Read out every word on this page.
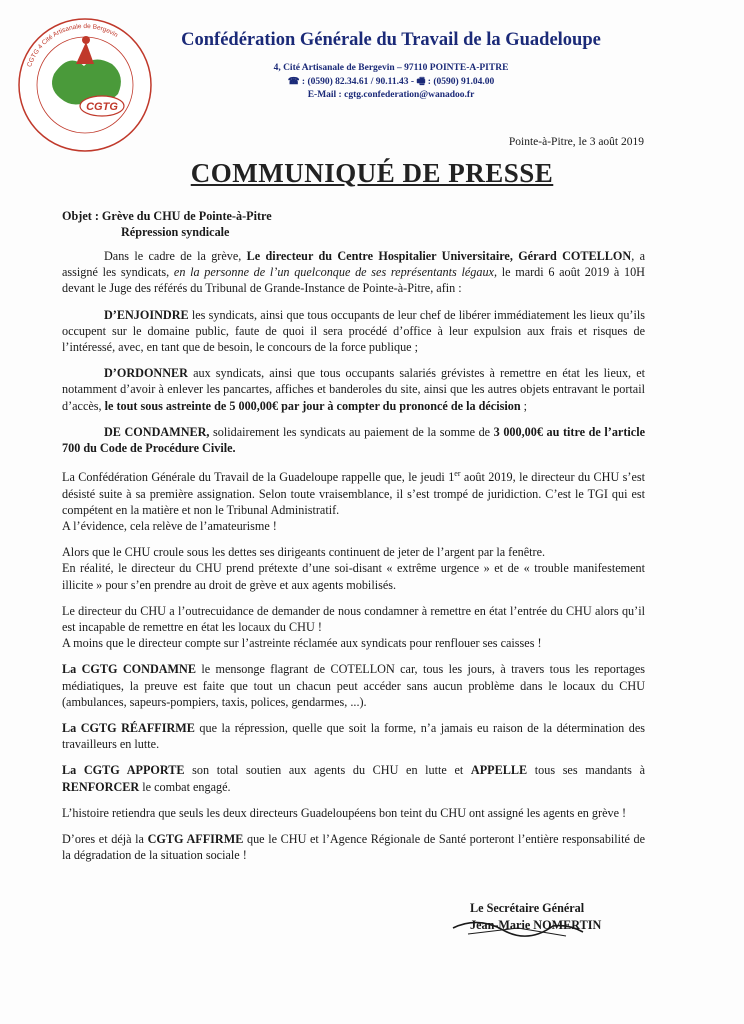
CGTG
CGTG 4 Cité Artisanale de Bergevin	Confédération Générale du Travail de la Guadeloupe
4, Cité Artisanale de Bergevin – 97110 POINTE-A-PITRE
☎ : (0590) 82.34.61 / 90.11.43 - 🖷 : (0590) 91.04.00
E-Mail : cgtg.confederation@wanadoo.fr
Pointe-à-Pitre, le 3 août 2019
COMMUNIQUÉ DE PRESSE
Objet : Grève du CHU de Pointe-à-Pitre
Répression syndicale

Dans le cadre de la grève, Le directeur du Centre Hospitalier Universitaire, Gérard COTELLON, a assigné les syndicats, en la personne de l’un quelconque de ses représentants légaux, le mardi 6 août 2019 à 10H devant le Juge des référés du Tribunal de Grande-Instance de Pointe-à-Pitre, afin :

D’ENJOINDRE les syndicats, ainsi que tous occupants de leur chef de libérer immédiatement les lieux qu’ils occupent sur le domaine public, faute de quoi il sera procédé d’office à leur expulsion aux frais et risques de l’intéressé, avec, en tant que de besoin, le concours de la force publique ;

D’ORDONNER aux syndicats, ainsi que tous occupants salariés grévistes à remettre en état les lieux, et notamment d’avoir à enlever les pancartes, affiches et banderoles du site, ainsi que les autres objets entravant le portail d’accès, le tout sous astreinte de 5 000,00€ par jour à compter du prononcé de la décision ;

DE CONDAMNER, solidairement les syndicats au paiement de la somme de 3 000,00€ au titre de l’article 700 du Code de Procédure Civile.

La Confédération Générale du Travail de la Guadeloupe rappelle que, le jeudi 1er août 2019, le directeur du CHU s’est désisté suite à sa première assignation. Selon toute vraisemblance, il s’est trompé de juridiction. C’est le TGI qui est compétent en la matière et non le Tribunal Administratif.
A l’évidence, cela relève de l’amateurisme !

Alors que le CHU croule sous les dettes ses dirigeants continuent de jeter de l’argent par la fenêtre.
En réalité, le directeur du CHU prend prétexte d’une soi-disant « extrême urgence » et de « trouble manifestement illicite » pour s’en prendre au droit de grève et aux agents mobilisés.

Le directeur du CHU a l’outrecuidance de demander de nous condamner à remettre en état l’entrée du CHU alors qu’il est incapable de remettre en état les locaux du CHU !
A moins que le directeur compte sur l’astreinte réclamée aux syndicats pour renflouer ses caisses !

La CGTG CONDAMNE le mensonge flagrant de COTELLON car, tous les jours, à travers tous les reportages médiatiques, la preuve est faite que tout un chacun peut accéder sans aucun problème dans le locaux du CHU (ambulances, sapeurs-pompiers, taxis, polices, gendarmes, ...).

La CGTG RÉAFFIRME que la répression, quelle que soit la forme, n’a jamais eu raison de la détermination des travailleurs en lutte.

La CGTG APPORTE son total soutien aux agents du CHU en lutte et APPELLE tous ses mandants à RENFORCER le combat engagé.

L’histoire retiendra que seuls les deux directeurs Guadeloupéens bon teint du CHU ont assigné les agents en grève !

D’ores et déjà la CGTG AFFIRME que le CHU et l’Agence Régionale de Santé porteront l’entière responsabilité de la dégradation de la situation sociale !

Le Secrétaire Général
Jean-Marie NOMERTIN
